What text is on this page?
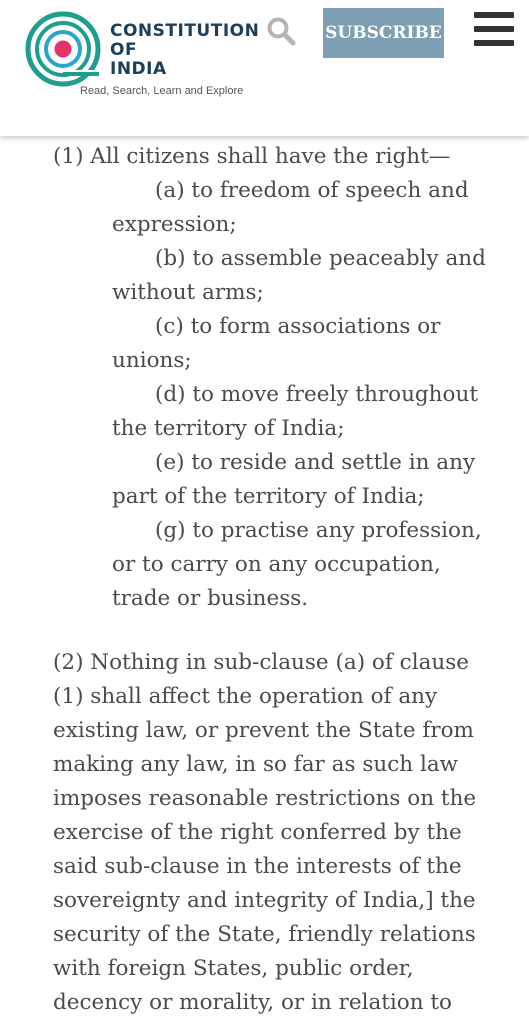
CONSTITUTION
OF
INDIA
Read, Search, Learn and Explore
SUBSCRIBE
(1) All citizens shall have the right—
(a) to freedom of speech and expression;
(b) to assemble peaceably and without arms;
(c) to form associations or unions;
(d) to move freely throughout the territory of India;
(e) to reside and settle in any part of the territory of India;
(g) to practise any profession, or to carry on any occupation, trade or business.
(2) Nothing in sub-clause (a) of clause (1) shall affect the operation of any existing law, or prevent the State from making any law, in so far as such law imposes reasonable restrictions on the exercise of the right conferred by the said sub-clause in the interests of the sovereignty and integrity of India,] the security of the State, friendly relations with foreign States, public order, decency or morality, or in relation to
